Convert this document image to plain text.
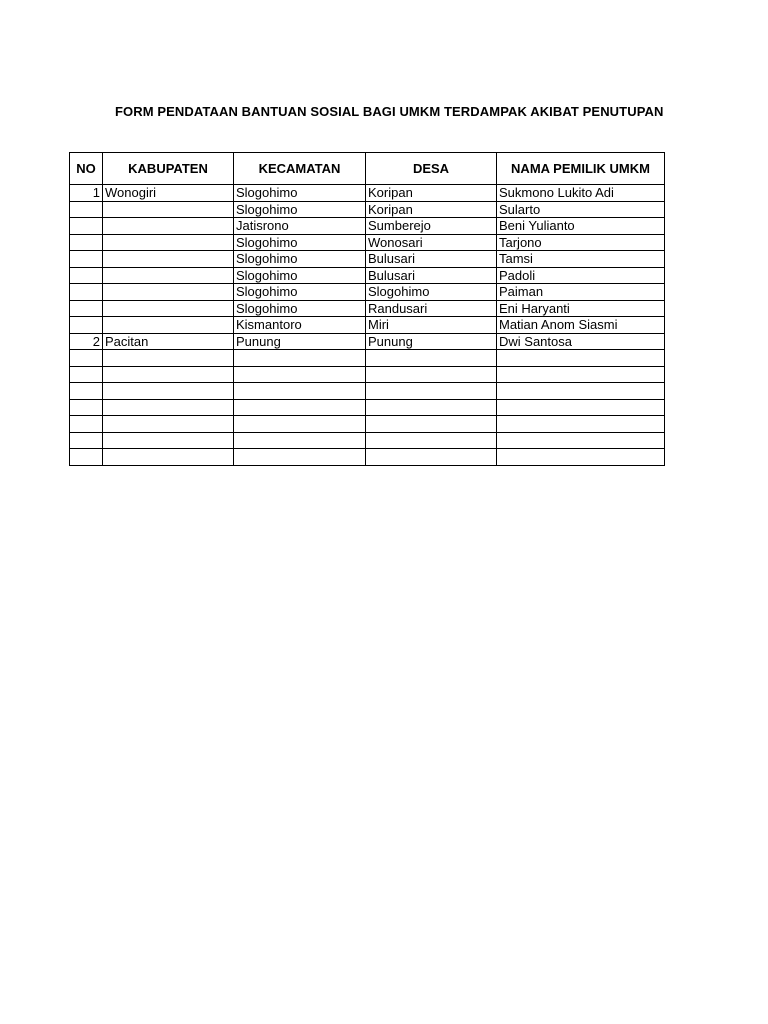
FORM PENDATAAN BANTUAN SOSIAL BAGI UMKM TERDAMPAK AKIBAT PENUTUPAN
NO	KABUPATEN	KECAMATAN	DESA	NAMA PEMILIK UMKM
1	Wonogiri	Slogohimo	Koripan	Sukmono Lukito Adi
		Slogohimo	Koripan	Sularto
		Jatisrono	Sumberejo	Beni Yulianto
		Slogohimo	Wonosari	Tarjono
		Slogohimo	Bulusari	Tamsi
		Slogohimo	Bulusari	Padoli
		Slogohimo	Slogohimo	Paiman
		Slogohimo	Randusari	Eni Haryanti
		Kismantoro	Miri	Matian Anom Siasmi
2	Pacitan	Punung	Punung	Dwi Santosa
